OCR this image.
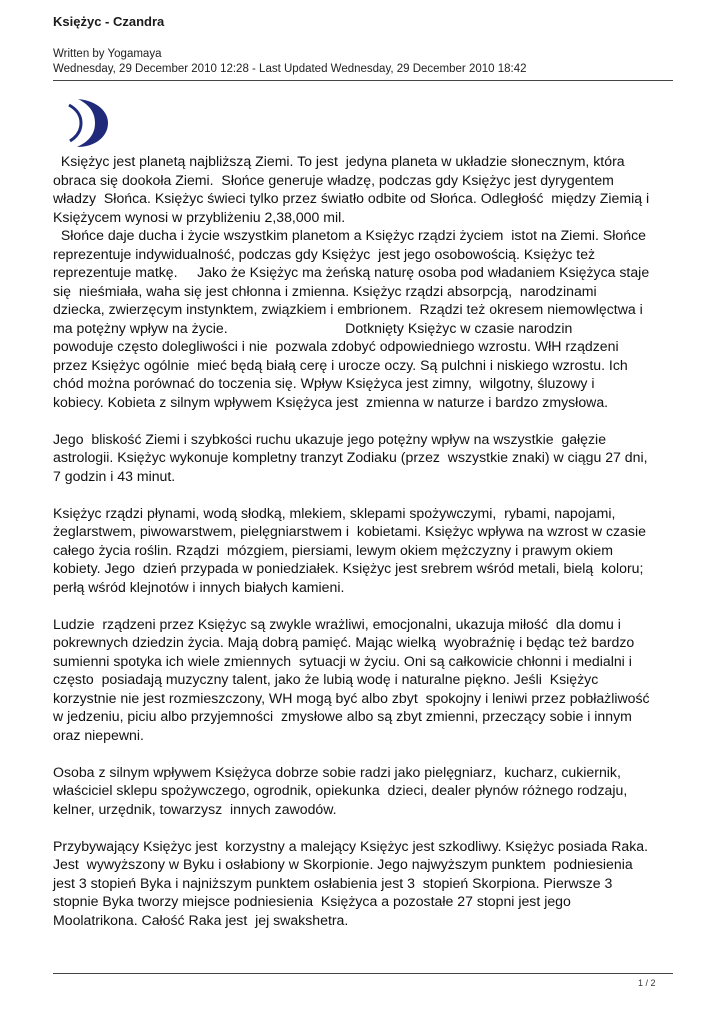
Księżyc - Czandra
Written by Yogamaya
Wednesday, 29 December 2010 12:28 - Last Updated Wednesday, 29 December 2010 18:42
Księżyc jest planetą najbliższą Ziemi. To jest  jedyna planeta w układzie słonecznym, która
obraca się dookoła Ziemi.  Słońce generuje władzę, podczas gdy Księżyc jest dyrygentem
władzy  Słońca. Księżyc świeci tylko przez światło odbite od Słońca. Odległość  między Ziemią i
Księżycem wynosi w przybliżeniu 2,38,000 mil.
Słońce daje ducha i życie wszystkim planetom a Księżyc rządzi życiem  istot na Ziemi. Słońce
reprezentuje indywidualność, podczas gdy Księżyc  jest jego osobowością. Księżyc też
reprezentuje matkę.     Jako że Księżyc ma żeńską naturę osoba pod władaniem Księżyca staje
się  nieśmiała, waha się jest chłonna i zmienna. Księżyc rządzi absorpcją,  narodzinami
dziecka, zwierzęcym instynktem, związkiem i embrionem.  Rządzi też okresem niemowlęctwa i
ma potężny wpływ na życie.                              Dotknięty Księżyc w czasie narodzin
powoduje często dolegliwości i nie  pozwala zdobyć odpowiedniego wzrostu. WłH rządzeni
przez Księżyc ogólnie  mieć będą białą cerę i urocze oczy. Są pulchni i niskiego wzrostu. Ich
chód można porównać do toczenia się. Wpływ Księżyca jest zimny,  wilgotny, śluzowy i
kobiecy. Kobieta z silnym wpływem Księżyca jest  zmienna w naturze i bardzo zmysłowa.
Jego  bliskość Ziemi i szybkości ruchu ukazuje jego potężny wpływ na wszystkie  gałęzie
astrologii. Księżyc wykonuje kompletny tranzyt Zodiaku (przez  wszystkie znaki) w ciągu 27 dni,
7 godzin i 43 minut.
Księżyc rządzi płynami, wodą słodką, mlekiem, sklepami spożywczymi,  rybami, napojami,
żeglarstwem, piwowarstwem, pielęgniarstwem i  kobietami. Księżyc wpływa na wzrost w czasie
całego życia roślin. Rządzi  mózgiem, piersiami, lewym okiem mężczyzny i prawym okiem
kobiety. Jego  dzień przypada w poniedziałek. Księżyc jest srebrem wśród metali, bielą  koloru;
perłą wśród klejnotów i innych białych kamieni.
Ludzie  rządzeni przez Księżyc są zwykle wrażliwi, emocjonalni, ukazuja miłość  dla domu i
pokrewnych dziedzin życia. Mają dobrą pamięć. Mając wielką  wyobraźnię i będąc też bardzo
sumienni spotyka ich wiele zmiennych  sytuacji w życiu. Oni są całkowicie chłonni i medialni i
często  posiadają muzyczny talent, jako że lubią wodę i naturalne piękno. Jeśli  Księżyc
korzystnie nie jest rozmieszczony, WH mogą być albo zbyt  spokojny i leniwi przez pobłażliwość
w jedzeniu, piciu albo przyjemności  zmysłowe albo są zbyt zmienni, przeczący sobie i innym
oraz niepewni.
Osoba z silnym wpływem Księżyca dobrze sobie radzi jako pielęgniarz,  kucharz, cukiernik,
właściciel sklepu spożywczego, ogrodnik, opiekunka  dzieci, dealer płynów różnego rodzaju,
kelner, urzędnik, towarzysz  innych zawodów.
Przybywający Księżyc jest  korzystny a malejący Księżyc jest szkodliwy. Księżyc posiada Raka.
Jest  wywyższony w Byku i osłabiony w Skorpionie. Jego najwyższym punktem  podniesienia
jest 3 stopień Byka i najniższym punktem osłabienia jest 3  stopień Skorpiona. Pierwsze 3
stopnie Byka tworzy miejsce podniesienia  Księżyca a pozostałe 27 stopni jest jego
Moolatrikona. Całość Raka jest  jej swakshetra.
1 / 2
